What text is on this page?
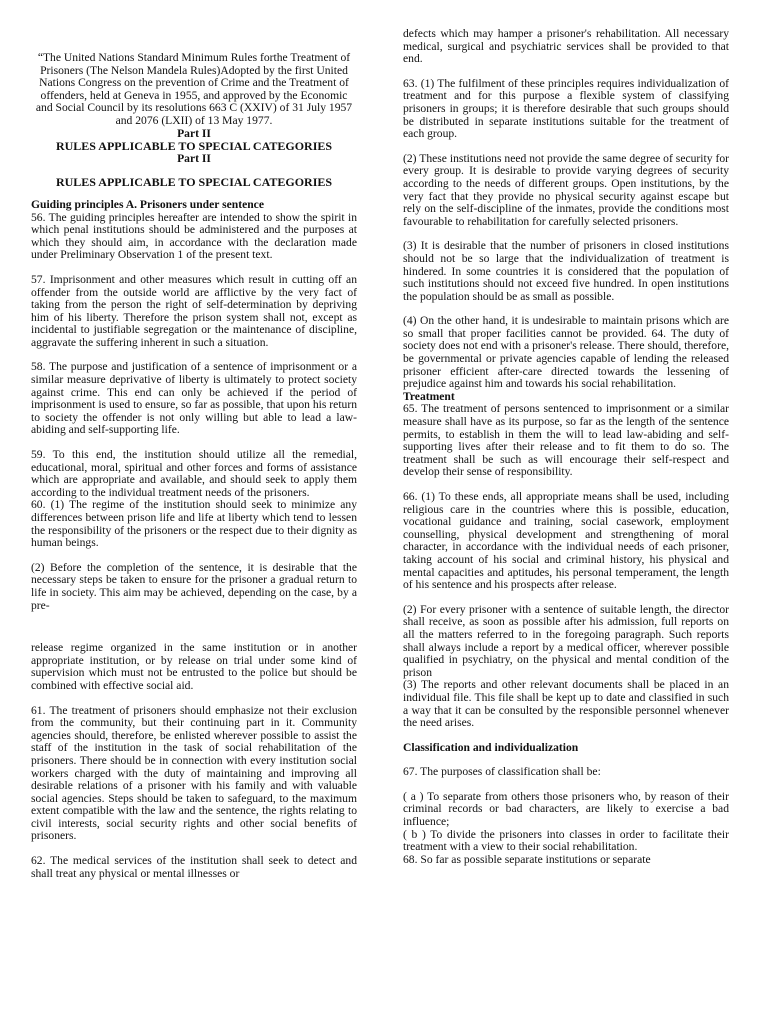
“The United Nations Standard Minimum Rules forthe Treatment of Prisoners (The Nelson Mandela Rules)Adopted by the first United Nations Congress on the prevention of Crime and the Treatment of offenders, held at Geneva in 1955, and approved by the Economic and Social Council by its resolutions 663 C (XXIV) of 31 July 1957 and 2076 (LXII) of 13 May 1977.

Part II

RULES APPLICABLE TO SPECIAL CATEGORIES

Part II

RULES APPLICABLE TO SPECIAL CATEGORIES

Guiding principles A. Prisoners under sentence

56. The guiding principles hereafter are intended to show the spirit in which penal institutions should be administered and the purposes at which they should aim, in accordance with the declaration made under Preliminary Observation 1 of the present text.

57. Imprisonment and other measures which result in cutting off an offender from the outside world are afflictive by the very fact of taking from the person the right of self-determination by depriving him of his liberty. Therefore the prison system shall not, except as incidental to justifiable segregation or the maintenance of discipline, aggravate the suffering inherent in such a situation.

58. The purpose and justification of a sentence of imprisonment or a similar measure deprivative of liberty is ultimately to protect society against crime. This end can only be achieved if the period of imprisonment is used to ensure, so far as possible, that upon his return to society the offender is not only willing but able to lead a law-abiding and self-supporting life.

59. To this end, the institution should utilize all the remedial, educational, moral, spiritual and other forces and forms of assistance which are appropriate and available, and should seek to apply them according to the individual treatment needs of the prisoners.

60. (1) The regime of the institution should seek to minimize any differences between prison life and life at liberty which tend to lessen the responsibility of the prisoners or the respect due to their dignity as human beings.

(2) Before the completion of the sentence, it is desirable that the necessary steps be taken to ensure for the prisoner a gradual return to life in society. This aim may be achieved, depending on the case, by a pre-

release regime organized in the same institution or in another appropriate institution, or by release on trial under some kind of supervision which must not be entrusted to the police but should be combined with effective social aid.

61. The treatment of prisoners should emphasize not their exclusion from the community, but their continuing part in it. Community agencies should, therefore, be enlisted wherever possible to assist the staff of the institution in the task of social rehabilitation of the prisoners. There should be in connection with every institution social workers charged with the duty of maintaining and improving all desirable relations of a prisoner with his family and with valuable social agencies. Steps should be taken to safeguard, to the maximum extent compatible with the law and the sentence, the rights relating to civil interests, social security rights and other social benefits of prisoners.

62. The medical services of the institution shall seek to detect and shall treat any physical or mental illnesses or

defects which may hamper a prisoner's rehabilitation. All necessary medical, surgical and psychiatric services shall be provided to that end.

63. (1) The fulfilment of these principles requires individualization of treatment and for this purpose a flexible system of classifying prisoners in groups; it is therefore desirable that such groups should be distributed in separate institutions suitable for the treatment of each group.

(2) These institutions need not provide the same degree of security for every group. It is desirable to provide varying degrees of security according to the needs of different groups. Open institutions, by the very fact that they provide no physical security against escape but rely on the self-discipline of the inmates, provide the conditions most favourable to rehabilitation for carefully selected prisoners.

(3) It is desirable that the number of prisoners in closed institutions should not be so large that the individualization of treatment is hindered. In some countries it is considered that the population of such institutions should not exceed five hundred. In open institutions the population should be as small as possible.

(4) On the other hand, it is undesirable to maintain prisons which are so small that proper facilities cannot be provided. 64. The duty of society does not end with a prisoner's release. There should, therefore, be governmental or private agencies capable of lending the released prisoner efficient after-care directed towards the lessening of prejudice against him and towards his social rehabilitation.

Treatment

65. The treatment of persons sentenced to imprisonment or a similar measure shall have as its purpose, so far as the length of the sentence permits, to establish in them the will to lead law-abiding and self-supporting lives after their release and to fit them to do so. The treatment shall be such as will encourage their self-respect and develop their sense of responsibility.

66. (1) To these ends, all appropriate means shall be used, including religious care in the countries where this is possible, education, vocational guidance and training, social casework, employment counselling, physical development and strengthening of moral character, in accordance with the individual needs of each prisoner, taking account of his social and criminal history, his physical and mental capacities and aptitudes, his personal temperament, the length of his sentence and his prospects after release.

(2) For every prisoner with a sentence of suitable length, the director shall receive, as soon as possible after his admission, full reports on all the matters referred to in the foregoing paragraph. Such reports shall always include a report by a medical officer, wherever possible qualified in psychiatry, on the physical and mental condition of the prison

(3) The reports and other relevant documents shall be placed in an individual file. This file shall be kept up to date and classified in such a way that it can be consulted by the responsible personnel whenever the need arises.

Classification and individualization

67. The purposes of classification shall be:

( a ) To separate from others those prisoners who, by reason of their criminal records or bad characters, are likely to exercise a bad influence;

( b ) To divide the prisoners into classes in order to facilitate their treatment with a view to their social rehabilitation.

68. So far as possible separate institutions or separate
